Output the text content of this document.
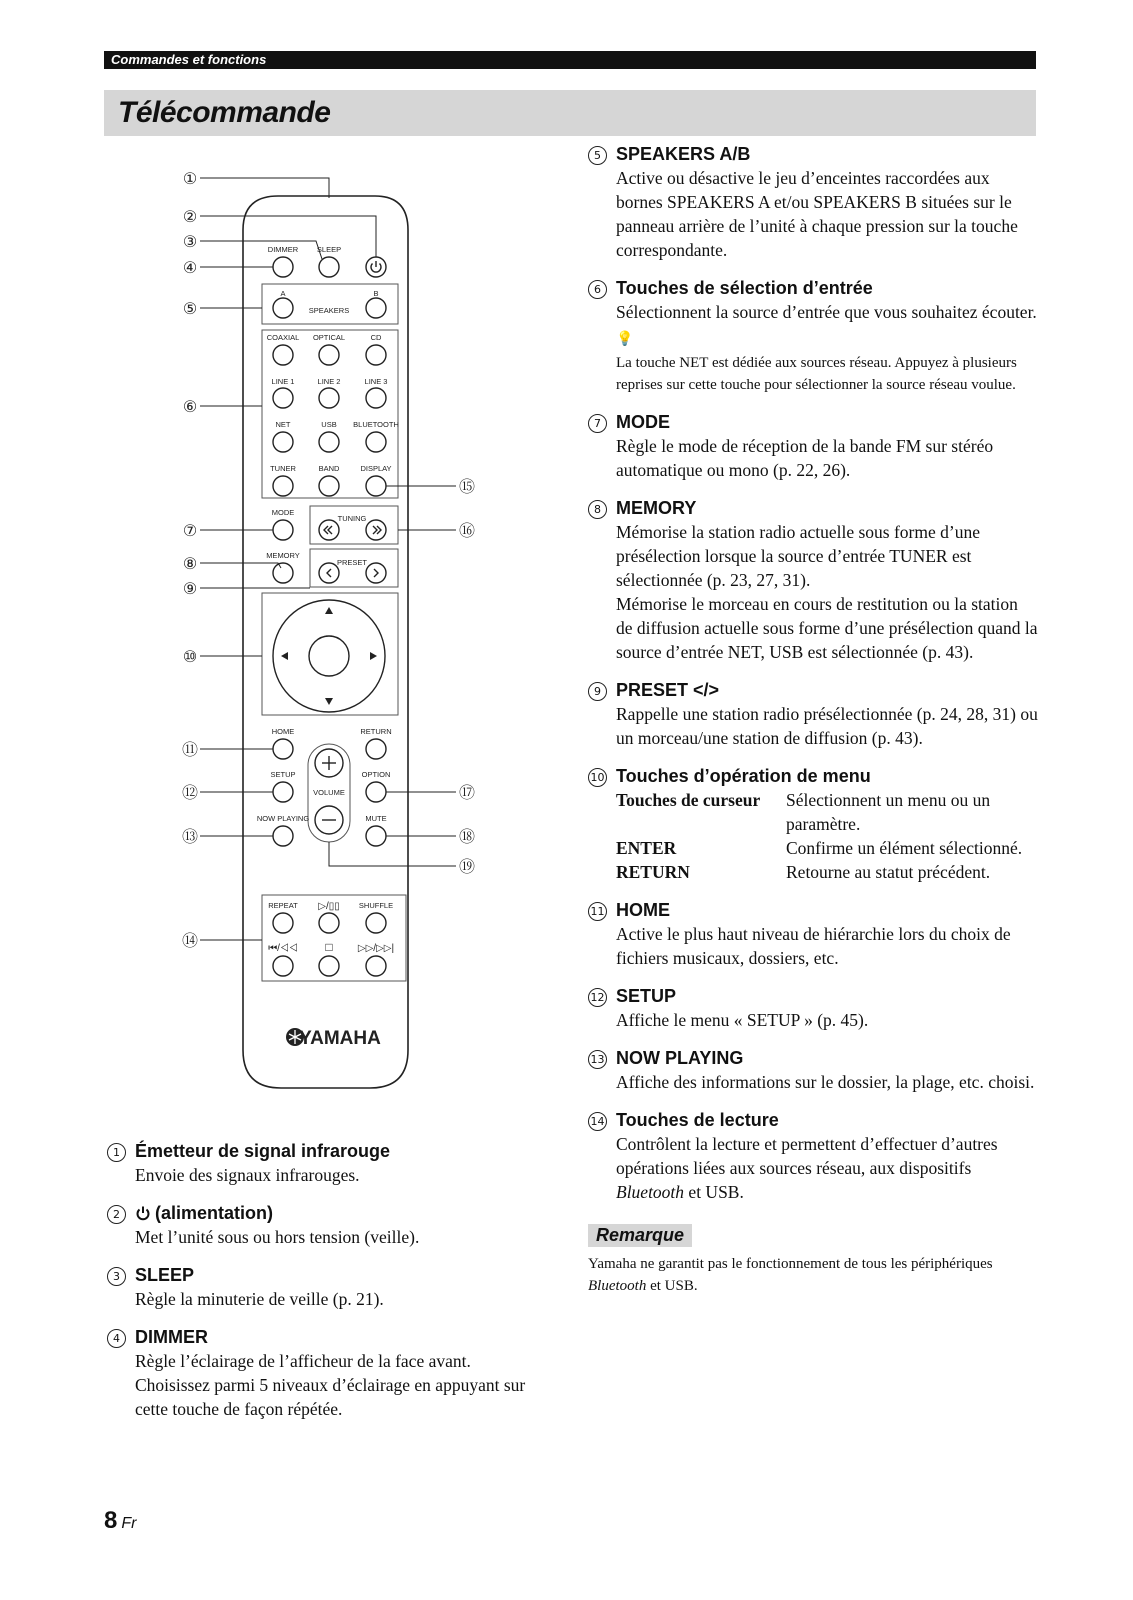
Commandes et fonctions
Télécommande
DIMMER SLEEP
A	B
SPEAKERS
COAXIAL OPTICAL	CD
LINE 1	LINE 2	LINE 3
NET	USB BLUETOOTH
TUNER	BAND	DISPLAY
MODE
TUNING
MEMORY
PRESET
HOME	RETURN
SETUP
VOLUME
OPTION
NOW PLAYING	MUTE
REPEAT ▷/▯▯	SHUFFLE
⏮/◁◁ □	▷▷/▷▷|
YAMAHA
①
②
③
④
⑤
⑥
⑦
⑧
⑨
⑩
⑪
⑫
⑬
⑭
⑮
⑯
⑰
⑱
⑲
1 Émetteur de signal infrarouge
Envoie des signaux infrarouges.
2	(alimentation)
Met l’unité sous ou hors tension (veille).
3 SLEEP
Règle la minuterie de veille (p. 21).
4 DIMMER
Règle l’éclairage de l’afficheur de la face avant. Choisissez parmi 5 niveaux d’éclairage en appuyant sur cette touche de façon répétée.
5 SPEAKERS A/B
Active ou désactive le jeu d’enceintes raccordées aux bornes SPEAKERS A et/ou SPEAKERS B situées sur le panneau arrière de l’unité à chaque pression sur la touche correspondante.
6 Touches de sélection d’entrée
Sélectionnent la source d’entrée que vous souhaitez écouter.
💡
La touche NET est dédiée aux sources réseau. Appuyez à plusieurs reprises sur cette touche pour sélectionner la source réseau voulue.
7 MODE
Règle le mode de réception de la bande FM sur stéréo automatique ou mono (p. 22, 26).
8 MEMORY
Mémorise la station radio actuelle sous forme d’une présélection lorsque la source d’entrée TUNER est sélectionnée (p. 23, 27, 31).
Mémorise le morceau en cours de restitution ou la station de diffusion actuelle sous forme d’une présélection quand la source d’entrée NET, USB est sélectionnée (p. 43).
9 PRESET
</>
Rappelle une station radio présélectionnée (p. 24, 28, 31) ou un morceau/une station de diffusion (p. 43).
10 Touches d’opération de menu
Touches de curseur	Sélectionnent un menu ou un paramètre.
ENTER	Confirme un élément sélectionné.
RETURN	Retourne au statut précédent.
11 HOME
Active le plus haut niveau de hiérarchie lors du choix de fichiers musicaux, dossiers, etc.
12 SETUP
Affiche le menu « SETUP » (p. 45).
13 NOW PLAYING
Affiche des informations sur le dossier, la plage, etc. choisi.
14 Touches de lecture
Contrôlent la lecture et permettent d’effectuer d’autres opérations liées aux sources réseau, aux dispositifs Bluetooth et USB.
Remarque
Yamaha ne garantit pas le fonctionnement de tous les périphériques Bluetooth et USB.
8 Fr
